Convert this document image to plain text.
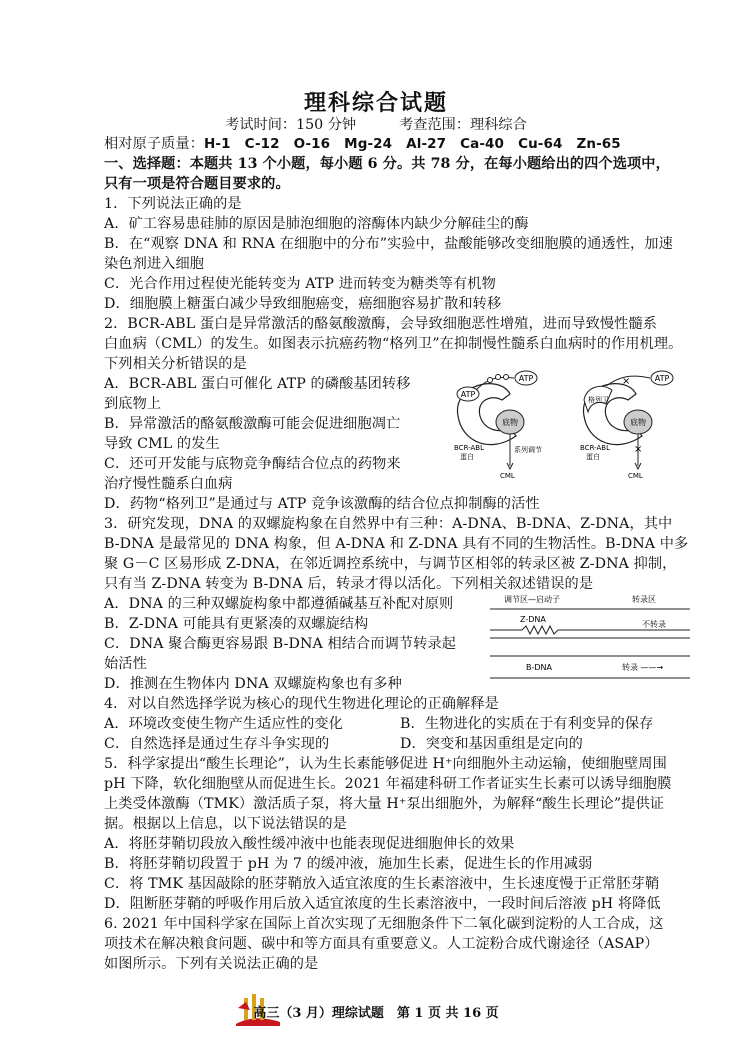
理科综合试题
考试时间：150 分钟	考查范围：理科综合
相对原子质量：H-1 C-12 O-16 Mg-24 Al-27 Ca-40 Cu-64 Zn-65
一、选择题：本题共 13 个小题，每小题 6 分。共 78 分，在每小题给出的四个选项中，
只有一项是符合题目要求的。
1．下列说法正确的是
A．矿工容易患硅肺的原因是肺泡细胞的溶酶体内缺少分解硅尘的酶
B．在“观察 DNA 和 RNA 在细胞中的分布”实验中，盐酸能够改变细胞膜的通透性，加速
染色剂进入细胞
C．光合作用过程使光能转变为 ATP 进而转变为糖类等有机物
D．细胞膜上糖蛋白减少导致细胞癌变，癌细胞容易扩散和转移
2．BCR-ABL 蛋白是异常激活的酪氨酸激酶，会导致细胞恶性增殖，进而导致慢性髓系
白血病（CML）的发生。如图表示抗癌药物“格列卫”在抑制慢性髓系白血病时的作用机理。
下列相关分析错误的是
A．BCR-ABL 蛋白可催化 ATP 的磷酸基团转移
到底物上
B．异常激活的酪氨酸激酶可能会促进细胞凋亡
导致 CML 的发生
C．还可开发能与底物竞争酶结合位点的药物来
治疗慢性髓系白血病
D．药物“格列卫”是通过与 ATP 竞争该激酶的结合位点抑制酶的活性
ATP
底物
ATP
BCR-ABL
蛋白
系列调节
CML
格列卫
底物
ATP
×
BCR-ABL
蛋白
×
CML
3．研究发现，DNA 的双螺旋构象在自然界中有三种：A-DNA、B-DNA、Z-DNA，其中
B-DNA 是最常见的 DNA 构象，但 A-DNA 和 Z-DNA 具有不同的生物活性。B-DNA 中多
聚 G－C 区易形成 Z-DNA，在邻近调控系统中，与调节区相邻的转录区被 Z-DNA 抑制，
只有当 Z-DNA 转变为 B-DNA 后，转录才得以活化。下列相关叙述错误的是
A．DNA 的三种双螺旋构象中都遵循碱基互补配对原则
B．Z-DNA 可能具有更紧凑的双螺旋结构
C．DNA 聚合酶更容易跟 B-DNA 相结合而调节转录起
始活性
D．推测在生物体内 DNA 双螺旋构象也有多种
调节区—启动子	转录区
Z-DNA
不转录
B-DNA	转录 ——→
4．对以自然选择学说为核心的现代生物进化理论的正确解释是
A．环境改变使生物产生适应性的变化	B．生物进化的实质在于有利变异的保存
C．自然选择是通过生存斗争实现的	D．突变和基因重组是定向的
5．科学家提出“酸生长理论”，认为生长素能够促进 H⁺向细胞外主动运输，使细胞壁周围
pH 下降，软化细胞壁从而促进生长。2021 年福建科研工作者证实生长素可以诱导细胞膜
上类受体激酶（TMK）激活质子泵，将大量 H⁺泵出细胞外，为解释“酸生长理论”提供证
据。根据以上信息，以下说法错误的是
A．将胚芽鞘切段放入酸性缓冲液中也能表现促进细胞伸长的效果
B．将胚芽鞘切段置于 pH 为 7 的缓冲液，施加生长素，促进生长的作用减弱
C．将 TMK 基因敲除的胚芽鞘放入适宜浓度的生长素溶液中，生长速度慢于正常胚芽鞘
D．阻断胚芽鞘的呼吸作用后放入适宜浓度的生长素溶液中，一段时间后溶液 pH 将降低
6. 2021 年中国科学家在国际上首次实现了无细胞条件下二氧化碳到淀粉的人工合成，这
项技术在解决粮食问题、碳中和等方面具有重要意义。人工淀粉合成代谢途径（ASAP）
如图所示。下列有关说法正确的是
高三（3 月）理综试题　第 1 页 共 16 页
